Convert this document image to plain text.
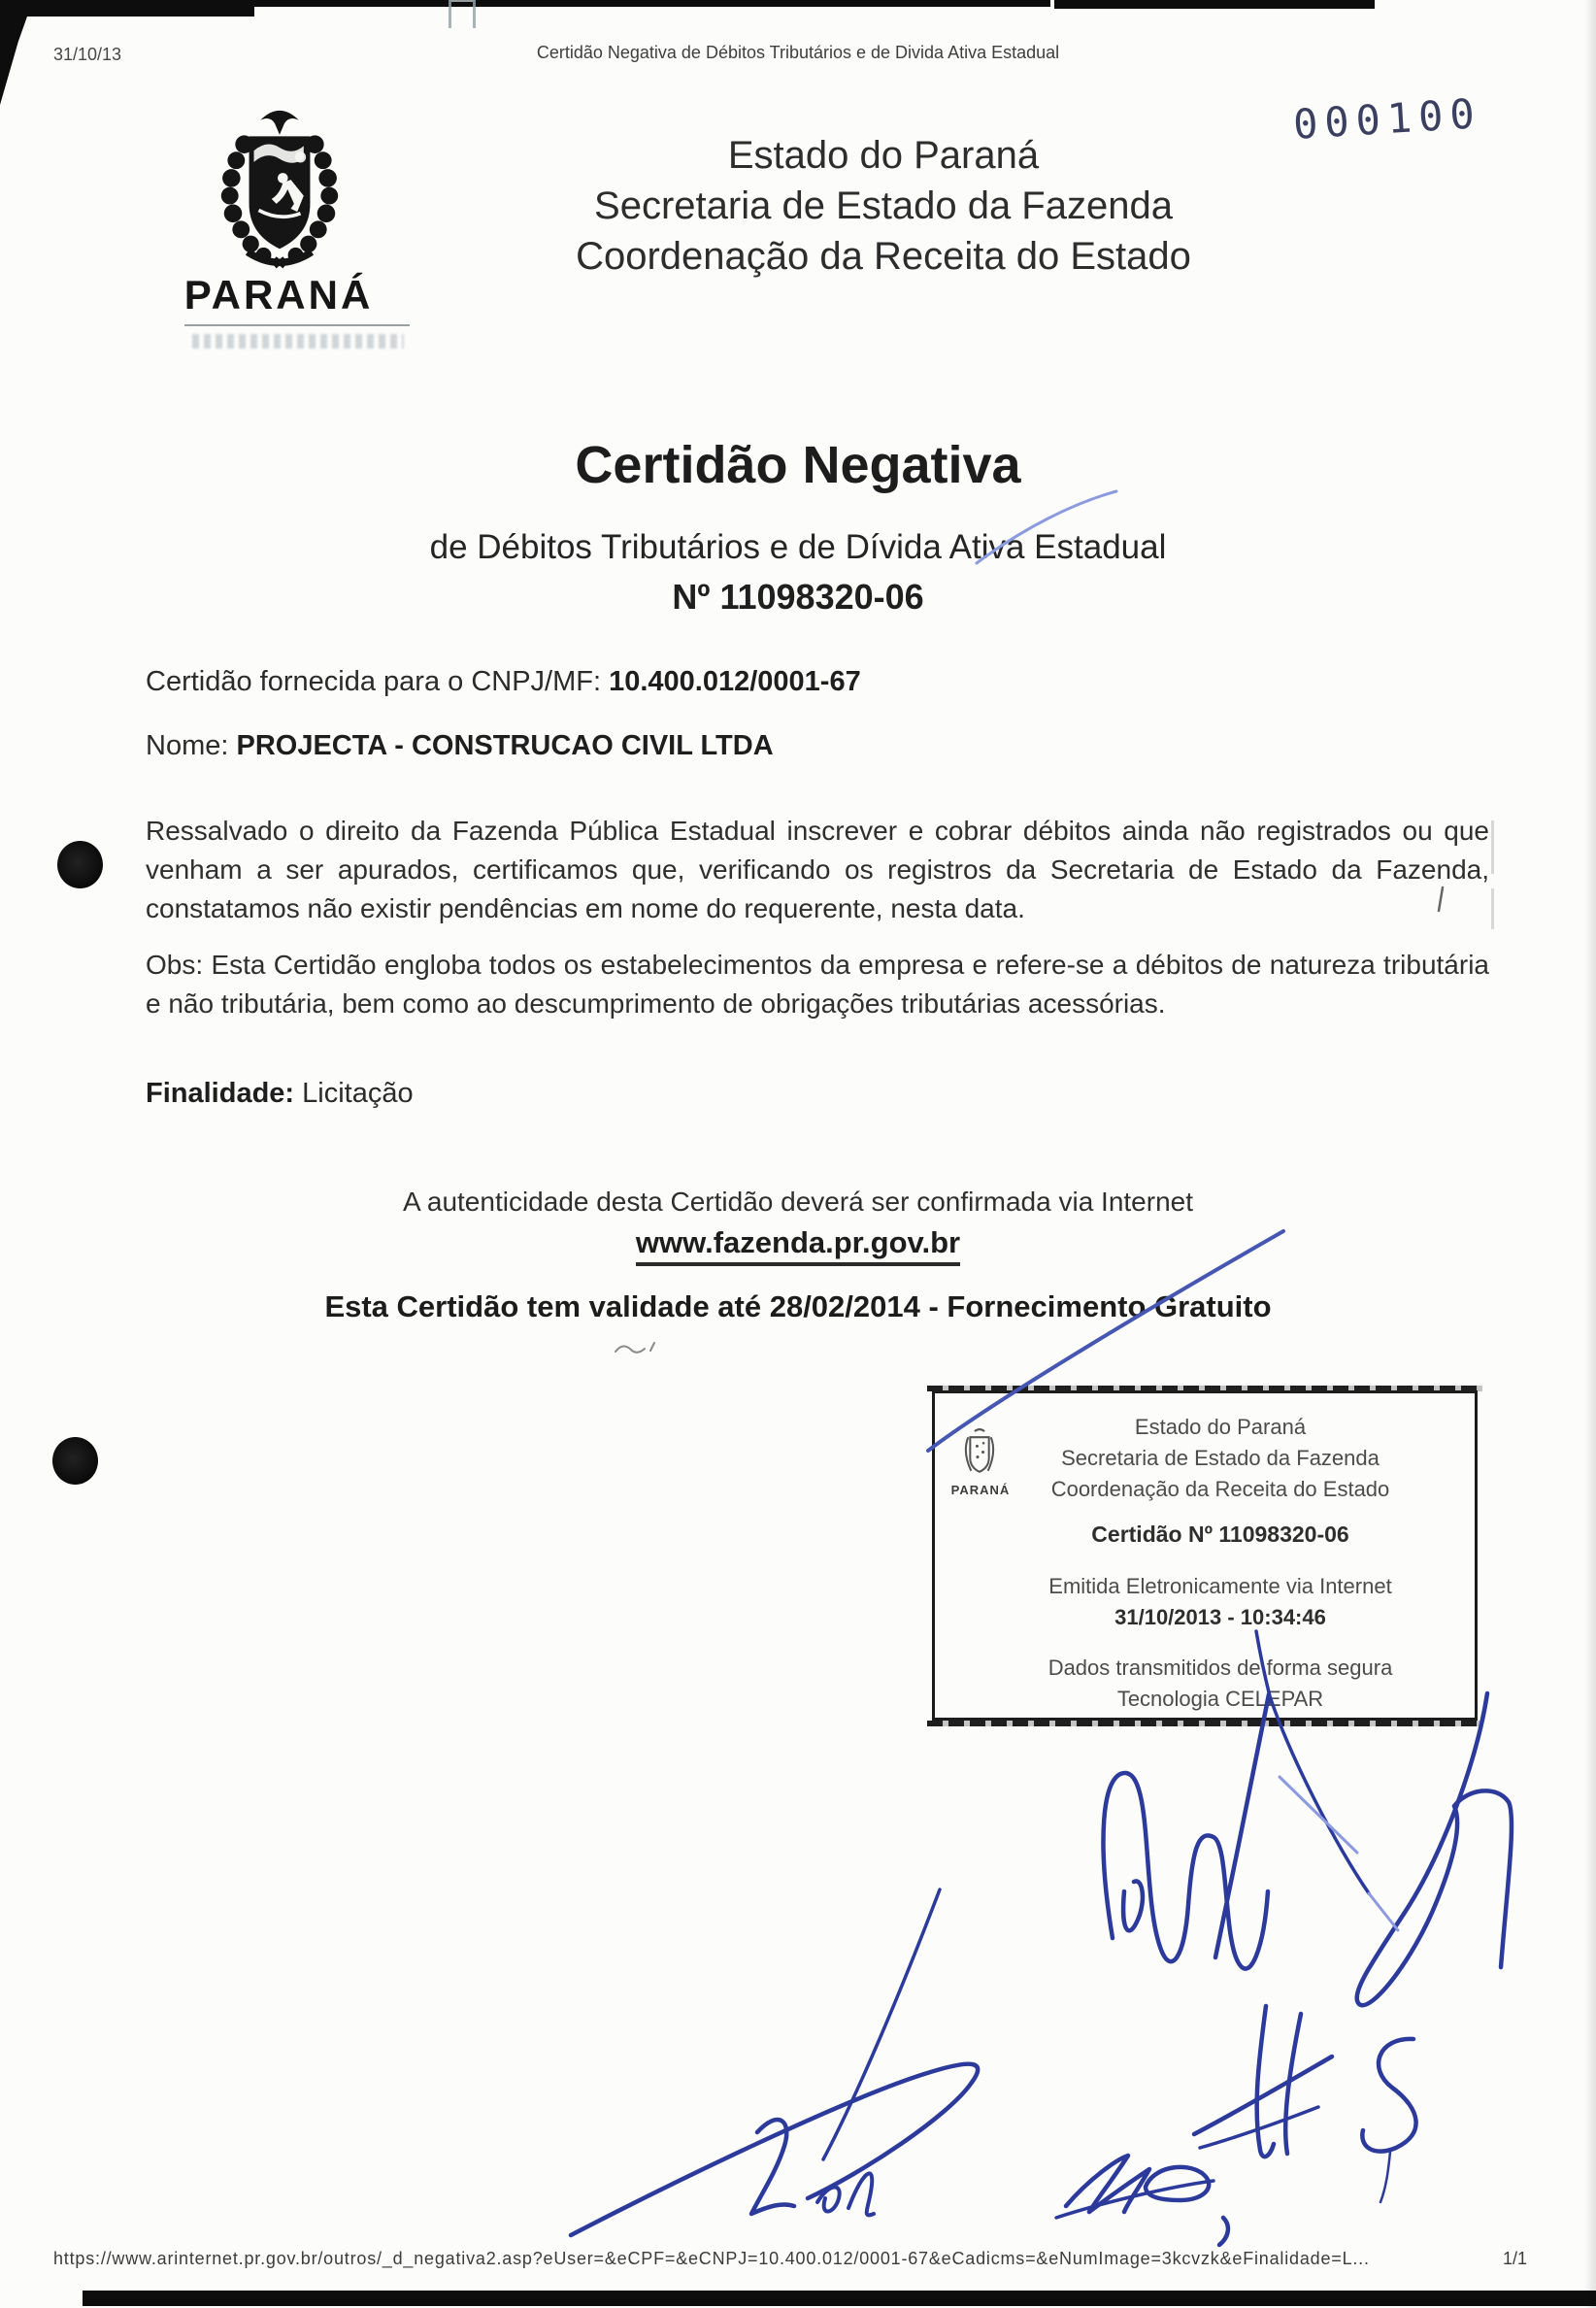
31/10/13	Certidão Negativa de Débitos Tributários e de Divida Ativa Estadual
000100
PARANÁ
Estado do Paraná
Secretaria de Estado da Fazenda
Coordenação da Receita do Estado
Certidão Negativa
de Débitos Tributários e de Dívida Ativa Estadual
Nº 11098320-06
Certidão fornecida para o CNPJ/MF: 10.400.012/0001-67
Nome: PROJECTA - CONSTRUCAO CIVIL LTDA
Ressalvado o direito da Fazenda Pública Estadual inscrever e cobrar débitos ainda não registrados ou que venham a ser apurados, certificamos que, verificando os registros da Secretaria de Estado da Fazenda, constatamos não existir pendências em nome do requerente, nesta data.
Obs: Esta Certidão engloba todos os estabelecimentos da empresa e refere-se a débitos de natureza tributária e não tributária, bem como ao descumprimento de obrigações tributárias acessórias.
Finalidade: Licitação
A autenticidade desta Certidão deverá ser confirmada via Internet
www.fazenda.pr.gov.br
Esta Certidão tem validade até 28/02/2014 - Fornecimento Gratuito
PARANÁ
Estado do Paraná
Secretaria de Estado da Fazenda
Coordenação da Receita do Estado
Certidão Nº 11098320-06
Emitida Eletronicamente via Internet
31/10/2013 - 10:34:46
Dados transmitidos de forma segura
Tecnologia CELEPAR
https://www.arinternet.pr.gov.br/outros/_d_negativa2.asp?eUser=&eCPF=&eCNPJ=10.400.012/0001-67&eCadicms=&eNumImage=3kcvzk&eFinalidade=L...	1/1
